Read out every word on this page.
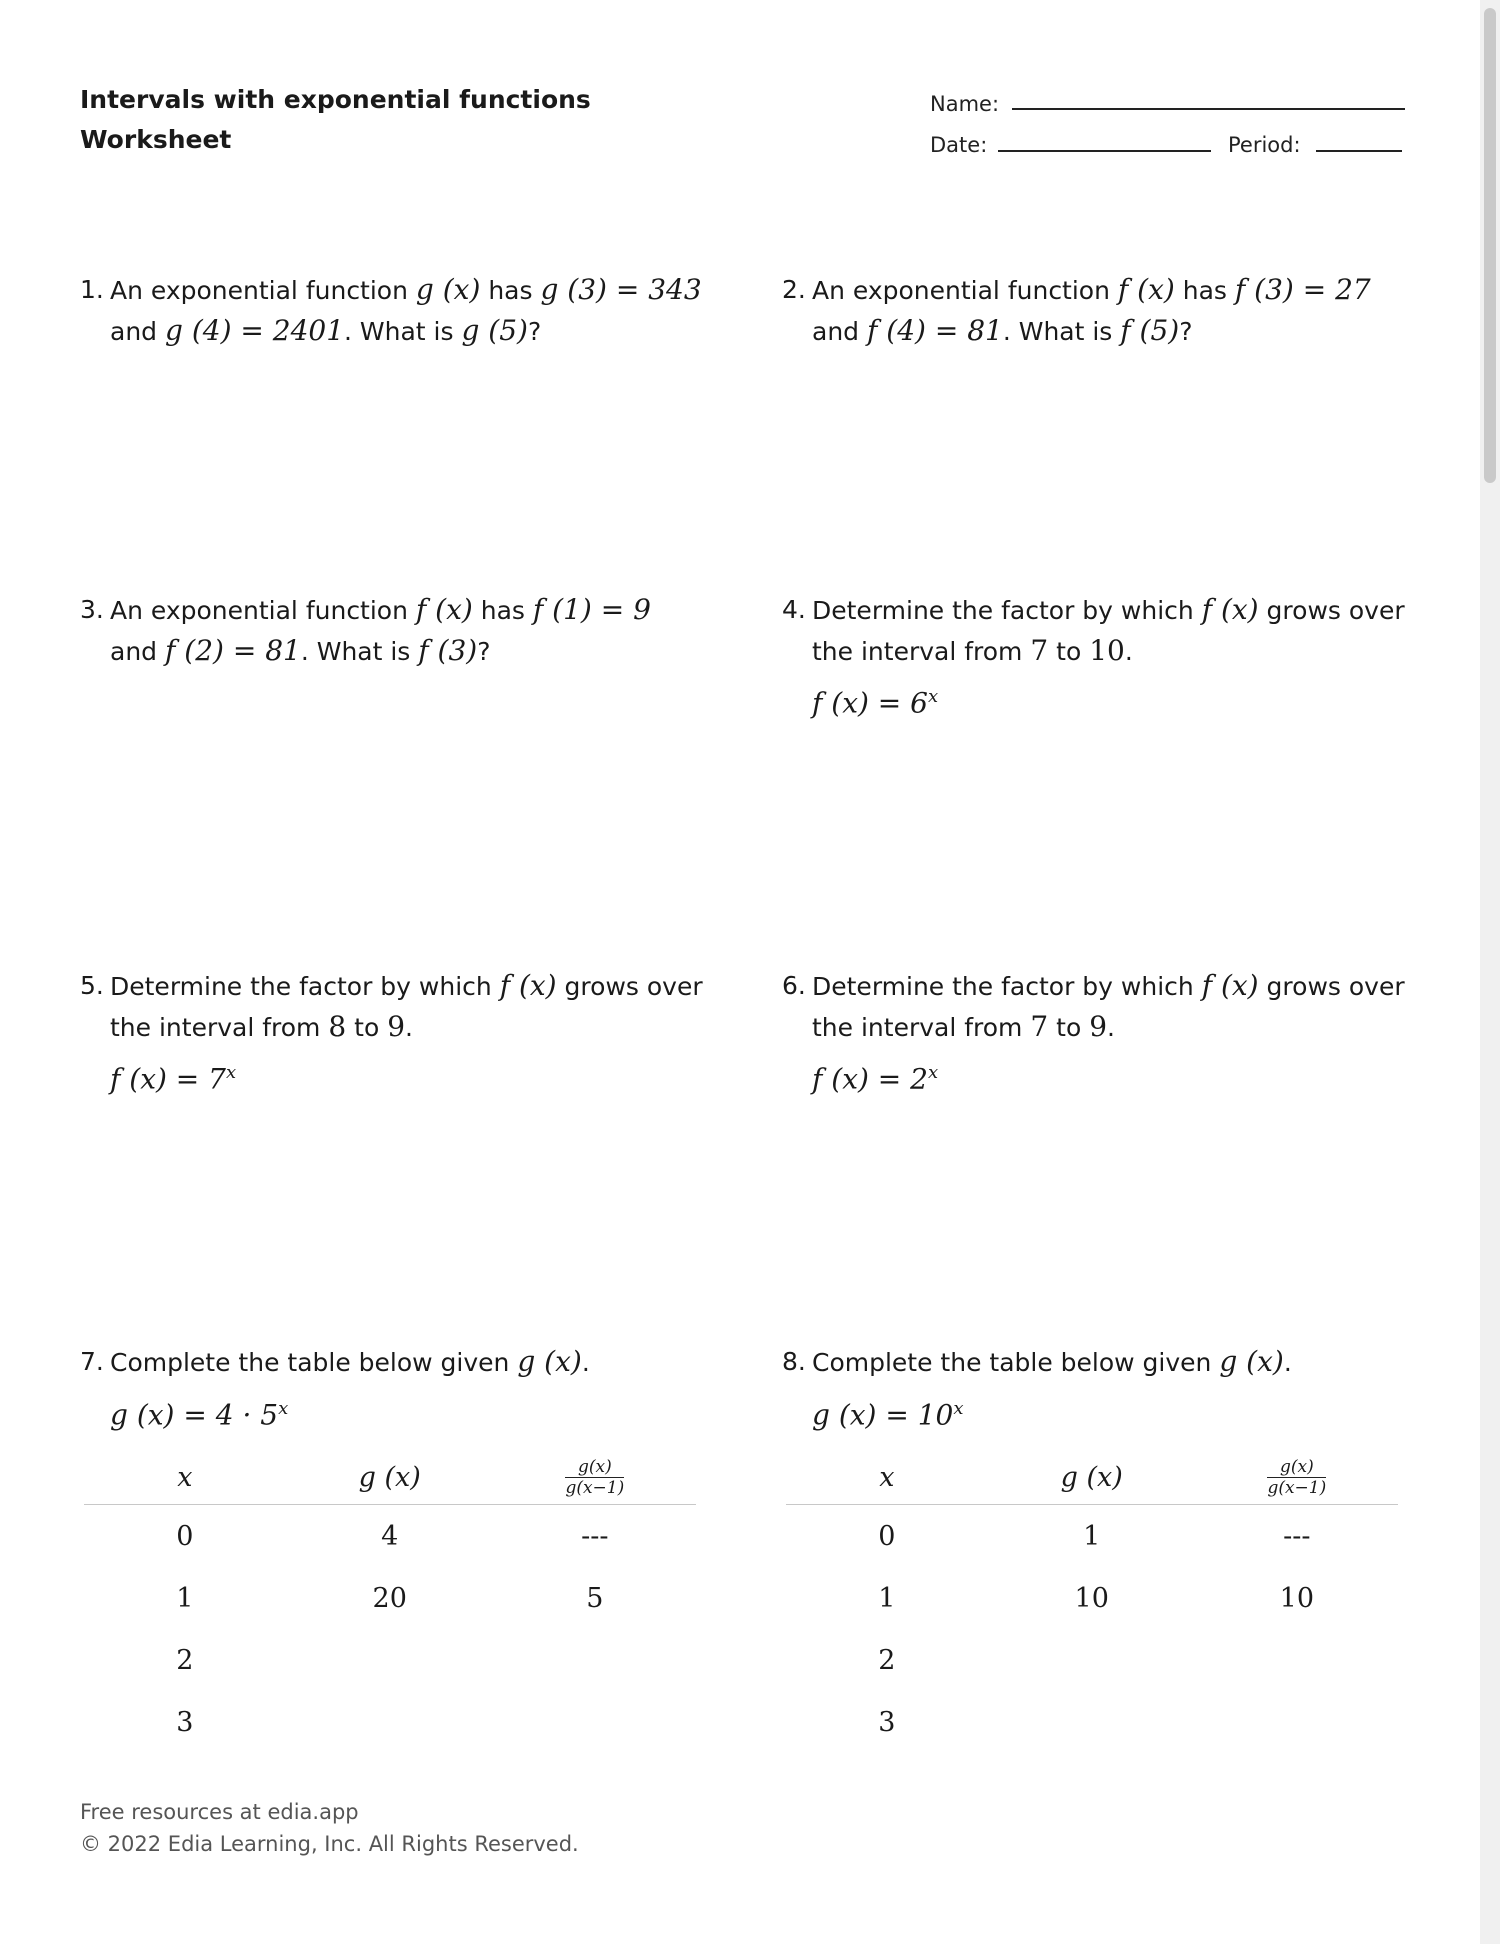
Intervals with exponential functions
Worksheet
Name:
Date:	Period:
1. An exponential function g (x) has g (3) = 343
and g (4) = 2401. What is g (5)?
2. An exponential function f (x) has f (3) = 27
and f (4) = 81. What is f (5)?
3. An exponential function f (x) has f (1) = 9
and f (2) = 81. What is f (3)?
4. Determine the factor by which f (x) grows over
the interval from 7 to 10.
f $(x) = 6^x$
5. Determine the factor by which f (x) grows over
the interval from 8 to 9.
f $(x) = 7^x$
6. Determine the factor by which f (x) grows over
the interval from 7 to 9.
f $(x) = 2^x$
7. Complete the table below given g (x).
g $(x) = 4 \cdot 5^x$
x	g (x)	$\frac{g(x)}{g(x-1)}$

0	4	---
1	20	5
2		
3		
8. Complete the table below given g (x).
g $(x) = 10^x$
x	g (x)	$\frac{g(x)}{g(x-1)}$

0	1	---
1	10	10
2		
3		
Free resources at edia.app
© 2022 Edia Learning, Inc. All Rights Reserved.
